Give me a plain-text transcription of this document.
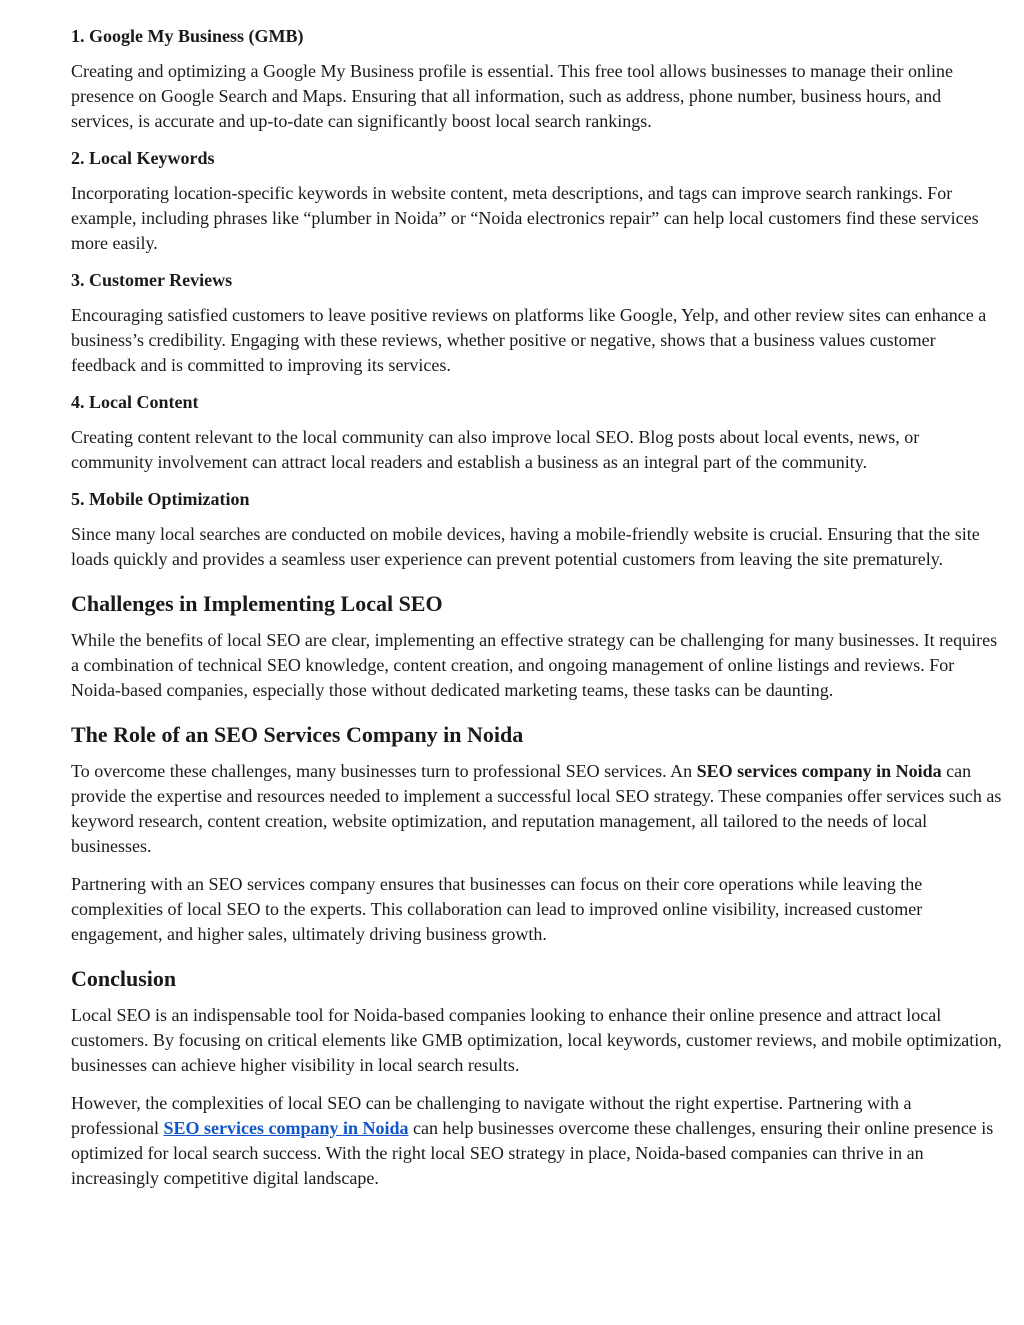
1. Google My Business (GMB)

Creating and optimizing a Google My Business profile is essential. This free tool allows businesses to manage their online presence on Google Search and Maps. Ensuring that all information, such as address, phone number, business hours, and services, is accurate and up-to-date can significantly boost local search rankings.

2. Local Keywords

Incorporating location-specific keywords in website content, meta descriptions, and tags can improve search rankings. For example, including phrases like “plumber in Noida” or “Noida electronics repair” can help local customers find these services more easily.

3. Customer Reviews

Encouraging satisfied customers to leave positive reviews on platforms like Google, Yelp, and other review sites can enhance a business’s credibility. Engaging with these reviews, whether positive or negative, shows that a business values customer feedback and is committed to improving its services.

4. Local Content

Creating content relevant to the local community can also improve local SEO. Blog posts about local events, news, or community involvement can attract local readers and establish a business as an integral part of the community.

5. Mobile Optimization

Since many local searches are conducted on mobile devices, having a mobile-friendly website is crucial. Ensuring that the site loads quickly and provides a seamless user experience can prevent potential customers from leaving the site prematurely.

Challenges in Implementing Local SEO

While the benefits of local SEO are clear, implementing an effective strategy can be challenging for many businesses. It requires a combination of technical SEO knowledge, content creation, and ongoing management of online listings and reviews. For Noida-based companies, especially those without dedicated marketing teams, these tasks can be daunting.

The Role of an SEO Services Company in Noida

To overcome these challenges, many businesses turn to professional SEO services. An SEO services company in Noida can provide the expertise and resources needed to implement a successful local SEO strategy. These companies offer services such as keyword research, content creation, website optimization, and reputation management, all tailored to the needs of local businesses.

Partnering with an SEO services company ensures that businesses can focus on their core operations while leaving the complexities of local SEO to the experts. This collaboration can lead to improved online visibility, increased customer engagement, and higher sales, ultimately driving business growth.

Conclusion

Local SEO is an indispensable tool for Noida-based companies looking to enhance their online presence and attract local customers. By focusing on critical elements like GMB optimization, local keywords, customer reviews, and mobile optimization, businesses can achieve higher visibility in local search results.

However, the complexities of local SEO can be challenging to navigate without the right expertise. Partnering with a professional SEO services company in Noida can help businesses overcome these challenges, ensuring their online presence is optimized for local search success. With the right local SEO strategy in place, Noida-based companies can thrive in an increasingly competitive digital landscape.
